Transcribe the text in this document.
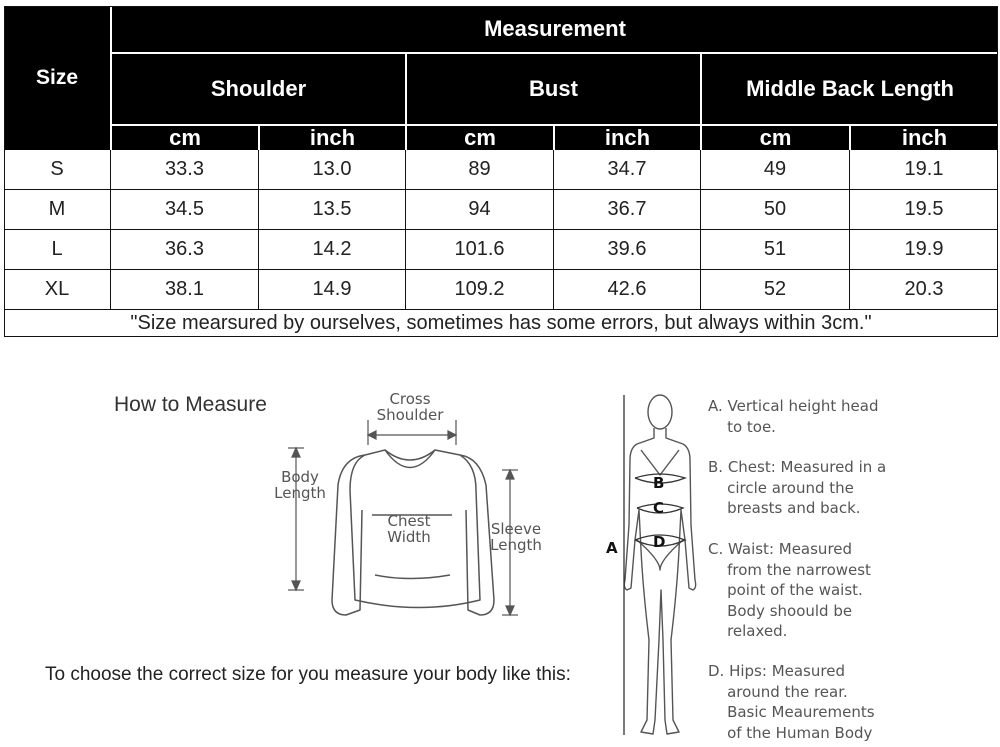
Size
Measurement
Shoulder	Bust	Middle Back Length
cm	inch	cm	inch	cm	inch
S	33.3	13.0	89	34.7	49	19.1
M	34.5	13.5	94	36.7	50	19.5
L	36.3	14.2	101.6	39.6	51	19.9
XL	38.1	14.9	109.2	42.6	52	20.3
"Size mearsured by ourselves, sometimes has some errors, but always within 3cm."
How to Measure
To choose the correct size for you measure your body like this:
Cross
Shoulder
Body
Length
Chest
Width	Sleeve
Length	A
B
C
D
A. Vertical height head
to toe.
B. Chest: Measured in a
circle around the
breasts and back.
C. Waist: Measured
from the narrowest
point of the waist.
Body shoould be
relaxed.
D. Hips: Measured
around the rear.
Basic Meaurements
of the Human Body
